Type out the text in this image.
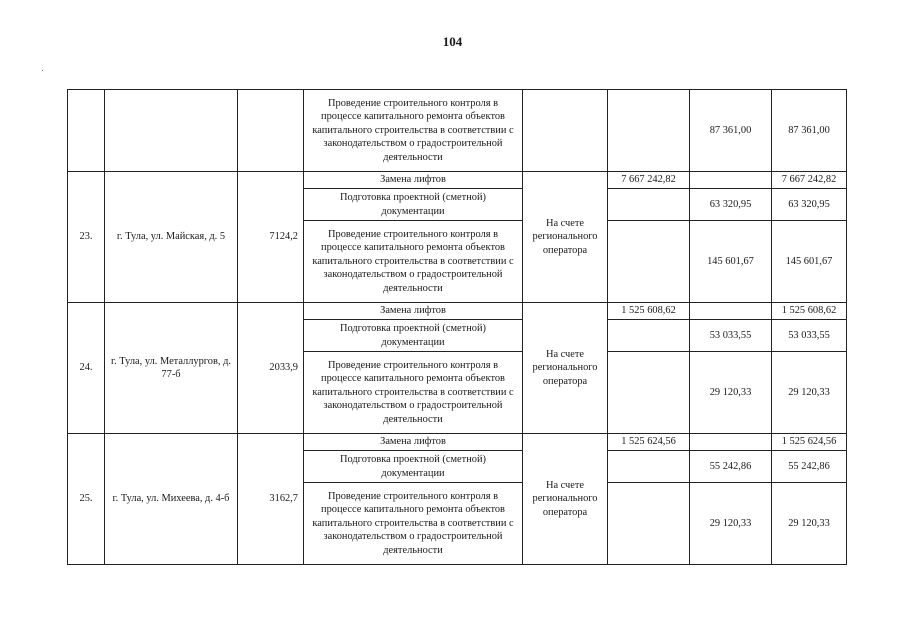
104
			Проведение строительного контроля в процессе капитального ремонта объектов капитального строительства в соответствии с законодательством о градостроительной деятельности			87 361,00	87 361,00
23.	г. Тула, ул. Майская, д. 5	7124,2	Замена лифтов	На счете регионального оператора	7 667 242,82		7 667 242,82
			Подготовка проектной (сметной) документации			63 320,95	63 320,95
			Проведение строительного контроля в процессе капитального ремонта объектов капитального строительства в соответствии с законодательством о градостроительной деятельности			145 601,67	145 601,67
24.	г. Тула, ул. Металлургов, д. 77-б	2033,9	Замена лифтов	На счете регионального оператора	1 525 608,62		1 525 608,62
			Подготовка проектной (сметной) документации			53 033,55	53 033,55
			Проведение строительного контроля в процессе капитального ремонта объектов капитального строительства в соответствии с законодательством о градостроительной деятельности			29 120,33	29 120,33
25.	г. Тула, ул. Михеева, д. 4-б	3162,7	Замена лифтов	На счете регионального оператора	1 525 624,56		1 525 624,56
			Подготовка проектной (сметной) документации			55 242,86	55 242,86
			Проведение строительного контроля в процессе капитального ремонта объектов капитального строительства в соответствии с законодательством о градостроительной деятельности			29 120,33	29 120,33
